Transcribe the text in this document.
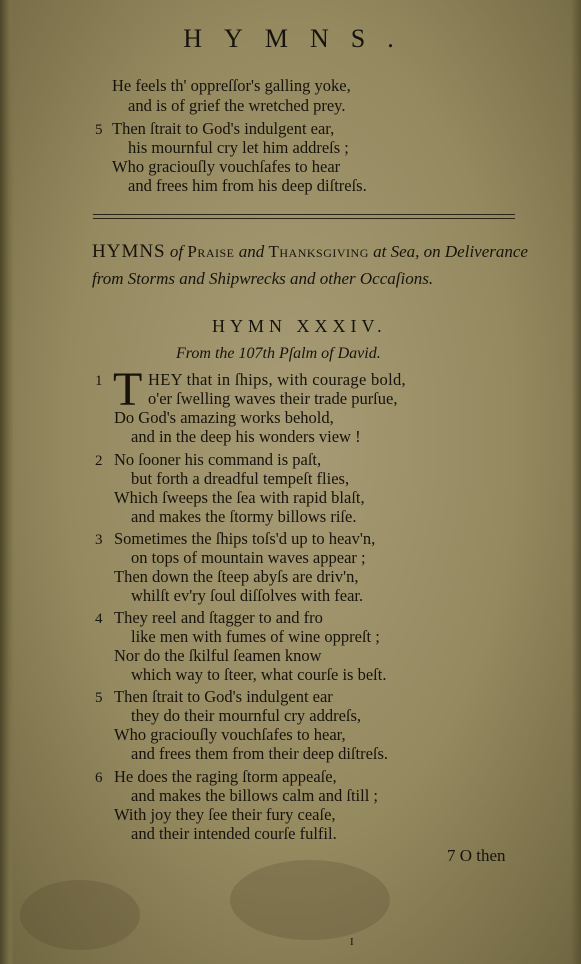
HYMNS.
He feels th' oppreſſor's galling yoke,
and is of grief the wretched prey.
5 Then ſtrait to God's indulgent ear,
his mournful cry let him addreſs ;
Who graciouſly vouchſafes to hear
and frees him from his deep diſtreſs.
HYMNS of Praise and Thanksgiving at Sea, on Deliverance from Storms and Shipwrecks and other Occaſions.
HYMN XXXIV.
From the 107th Pſalm of David.
T
1	HEY that in ſhips, with courage bold,
o'er ſwelling waves their trade purſue,
Do God's amazing works behold,
and in the deep his wonders view !
2 No ſooner his command is paſt,
but forth a dreadful tempeſt flies,
Which ſweeps the ſea with rapid blaſt,
and makes the ſtormy billows riſe.
3 Sometimes the ſhips toſs'd up to heav'n,
on tops of mountain waves appear ;
Then down the ſteep abyſs are driv'n,
whilſt ev'ry ſoul diſſolves with fear.
4 They reel and ſtagger to and fro
like men with fumes of wine oppreſt ;
Nor do the ſkilful ſeamen know
which way to ſteer, what courſe is beſt.
5 Then ſtrait to God's indulgent ear
they do their mournful cry addreſs,
Who graciouſly vouchſafes to hear,
and frees them from their deep diſtreſs.
6 He does the raging ſtorm appeaſe,
and makes the billows calm and ſtill ;
With joy they ſee their fury ceaſe,
and their intended courſe fulfil.
7 O then
I
